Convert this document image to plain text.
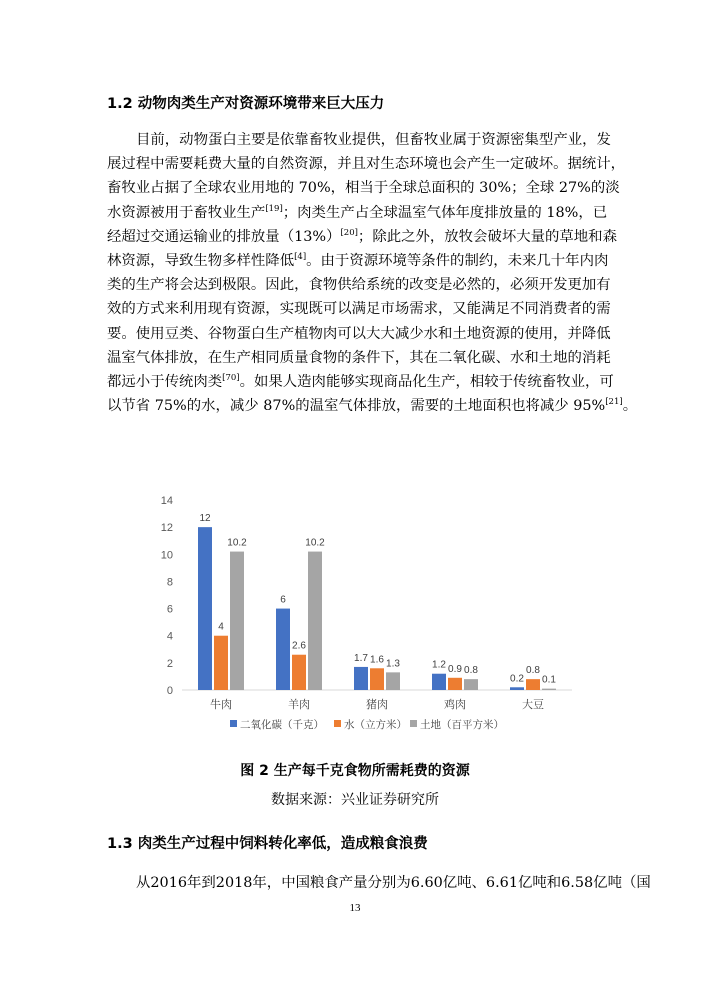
1.2 动物肉类生产对资源环境带来巨大压力
目前，动物蛋白主要是依靠畜牧业提供，但畜牧业属于资源密集型产业，发
展过程中需要耗费大量的自然资源，并且对生态环境也会产生一定破坏。据统计，
畜牧业占据了全球农业用地的 70%，相当于全球总面积的 30%；全球 27%的淡
水资源被用于畜牧业生产[19]；肉类生产占全球温室气体年度排放量的 18%，已
经超过交通运输业的排放量（13%）[20]；除此之外，放牧会破坏大量的草地和森
林资源，导致生物多样性降低[4]。由于资源环境等条件的制约，未来几十年内肉
类的生产将会达到极限。因此，食物供给系统的改变是必然的，必须开发更加有
效的方式来利用现有资源，实现既可以满足市场需求，又能满足不同消费者的需
要。使用豆类、谷物蛋白生产植物肉可以大大减少水和土地资源的使用，并降低
温室气体排放，在生产相同质量食物的条件下，其在二氧化碳、水和土地的消耗
都远小于传统肉类[70]。如果人造肉能够实现商品化生产，相较于传统畜牧业，可
以节省 75%的水，减少 87%的温室气体排放，需要的土地面积也将减少 95%[21]。
0
2
4
6
8
10
12
14
12
4
10.2
牛肉
6
2.6
10.2
羊肉
1.7 1.6 1.3
猪肉
1.2 0.9 0.8
鸡肉
0.2
0.8
0.1
大豆
二氧化碳（千克） 水（立方米） 土地（百平方米）
图 2 生产每千克食物所需耗费的资源
数据来源：兴业证券研究所
1.3 肉类生产过程中饲料转化率低，造成粮食浪费
从2016年到2018年，中国粮食产量分别为6.60亿吨、6.61亿吨和6.58亿吨（国
13
